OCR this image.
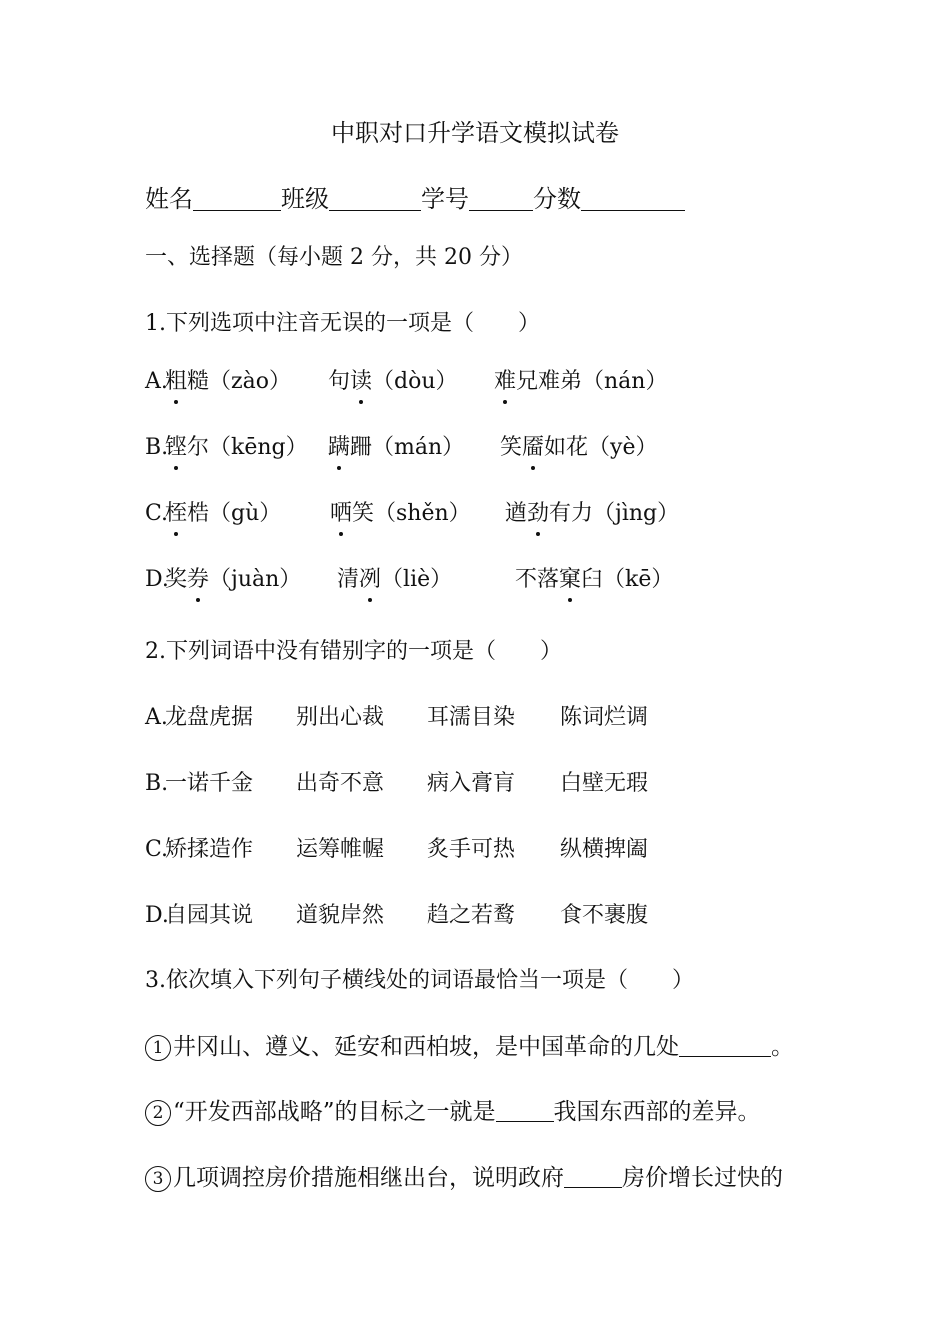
中职对口升学语文模拟试卷
姓名	班级	学号	分数
一、选择题（每小题 2 分，共 20 分）
1.下列选项中注音无误的一项是（　　）
A.
粗糙（zào） 句读（dòu） 难兄难弟（nán）
B.
铿尔（kēng） 蹒跚（mán） 笑靥如花（yè）
C.
桎梏（gù） 哂笑（shěn） 遒劲有力（jìng）
D.
奖券（juàn） 清冽（liè）	不落窠臼（kē）
2.下列词语中没有错别字的一项是（　　）
A.
龙盘虎据 别出心裁 耳濡目染 陈词烂调
B.
一诺千金 出奇不意 病入膏肓 白壁无瑕
C.
矫揉造作 运筹帷幄 炙手可热 纵横捭阖
D.
自园其说 道貌岸然 趋之若鹜 食不裹腹
3.依次填入下列句子横线处的词语最恰当一项是（　　）
1 井冈山、遵义、延安和西柏坡，是中国革命的几处	。
2 “开发西部战略”的目标之一就是	我国东西部的差异。
3 几项调控房价措施相继出台，说明政府	房价增长过快的
